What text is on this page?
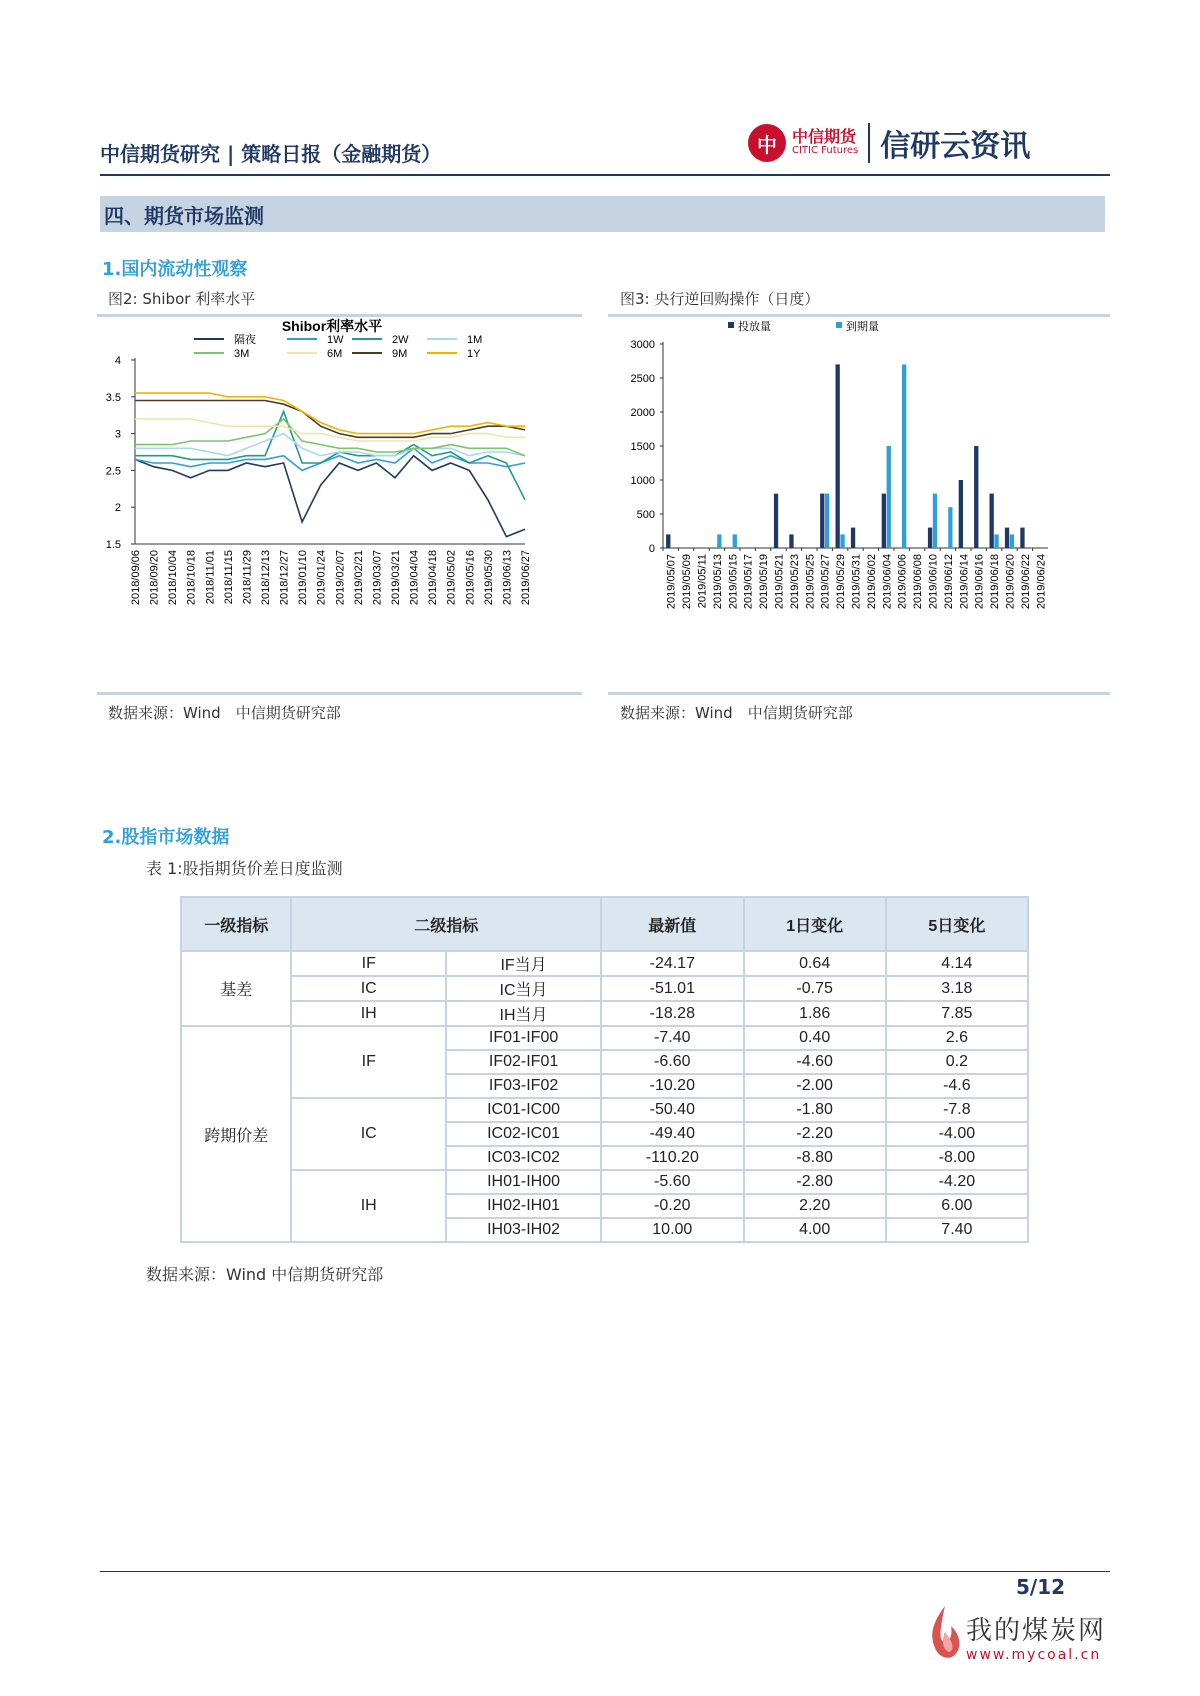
中信期货研究 | 策略日报（金融期货）	中 中信期货
CITIC Futures 信研云资讯
四、期货市场监测
1.国内流动性观察
图2: Shibor 利率水平
Shibor利率水平
隔夜	1W	2W	1M
3M	6M	9M	1Y
1.5
2
2.5
3
3.5
4
2018/09/06 2018/09/20 2018/10/04 2018/10/18 2018/11/01 2018/11/15 2018/11/29 2018/12/13 2018/12/27 2019/01/10 2019/01/24 2019/02/07 2019/02/21 2019/03/07 2019/03/21 2019/04/04 2019/04/18 2019/05/02 2019/05/16 2019/05/30 2019/06/13 2019/06/27
数据来源：Wind　中信期货研究部
图3: 央行逆回购操作（日度）
投放量	到期量
0
500
1000
1500
2000
2500
3000
2019/05/07 2019/05/09 2019/05/11 2019/05/13 2019/05/15 2019/05/17 2019/05/19 2019/05/21 2019/05/23 2019/05/25 2019/05/27 2019/05/29 2019/05/31 2019/06/02 2019/06/04 2019/06/06 2019/06/08 2019/06/10 2019/06/12 2019/06/14 2019/06/16 2019/06/18 2019/06/20 2019/06/22 2019/06/24
数据来源：Wind　中信期货研究部
2.股指市场数据
表 1:股指期货价差日度监测
一级指标	二级指标		最新值	1日变化	5日变化
基差	IF	IF当月	-24.17	0.64	4.14
	IC	IC当月	-51.01	-0.75	3.18
	IH	IH当月	-18.28	1.86	7.85
跨期价差	IF	IF01-IF00	-7.40	0.40	2.6
		IF02-IF01	-6.60	-4.60	0.2
		IF03-IF02	-10.20	-2.00	-4.6
	IC	IC01-IC00	-50.40	-1.80	-7.8
		IC02-IC01	-49.40	-2.20	-4.00
		IC03-IC02	-110.20	-8.80	-8.00
	IH	IH01-IH00	-5.60	-2.80	-4.20
		IH02-IH01	-0.20	2.20	6.00
		IH03-IH02	10.00	4.00	7.40
数据来源：Wind 中信期货研究部
5/12
我的煤炭网
www.mycoal.cn
